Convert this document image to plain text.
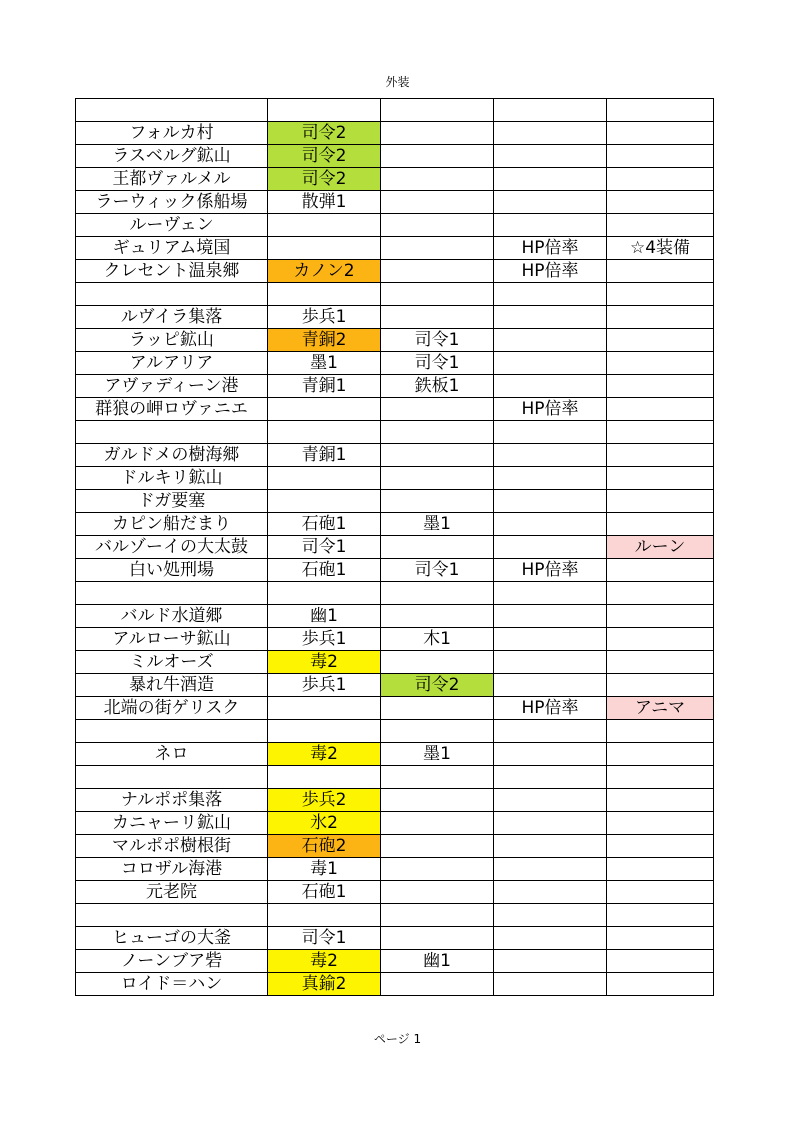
外装

フォルカ村	司令2			
ラスベルグ鉱山	司令2			
王都ヴァルメル	司令2			
ラーウィック係船場	散弾1			
ルーヴェン				
ギュリアム境国			HP倍率	☆4装備
クレセント温泉郷	カノン2		HP倍率	

ルヴイラ集落	歩兵1			
ラッピ鉱山	青銅2	司令1		
アルアリア	墨1	司令1		
アヴァディーン港	青銅1	鉄板1		
群狼の岬ロヴァニエ			HP倍率	

ガルドメの樹海郷	青銅1			
ドルキリ鉱山				
ドガ要塞				
カピン船だまり	石砲1	墨1		
バルゾーイの大太鼓	司令1			ルーン
白い処刑場	石砲1	司令1	HP倍率	

バルド水道郷	幽1			
アルローサ鉱山	歩兵1	木1		
ミルオーズ	毒2			
暴れ牛酒造	歩兵1	司令2		
北端の街ゲリスク			HP倍率	アニマ

ネロ	毒2	墨1		

ナルポポ集落	歩兵2			
カニャーリ鉱山	氷2			
マルポポ樹根街	石砲2			
コロザル海港	毒1			
元老院	石砲1			

ヒューゴの大釜	司令1			
ノーンブア砦	毒2	幽1		
ロイド＝ハン	真鍮2			
ページ 1
